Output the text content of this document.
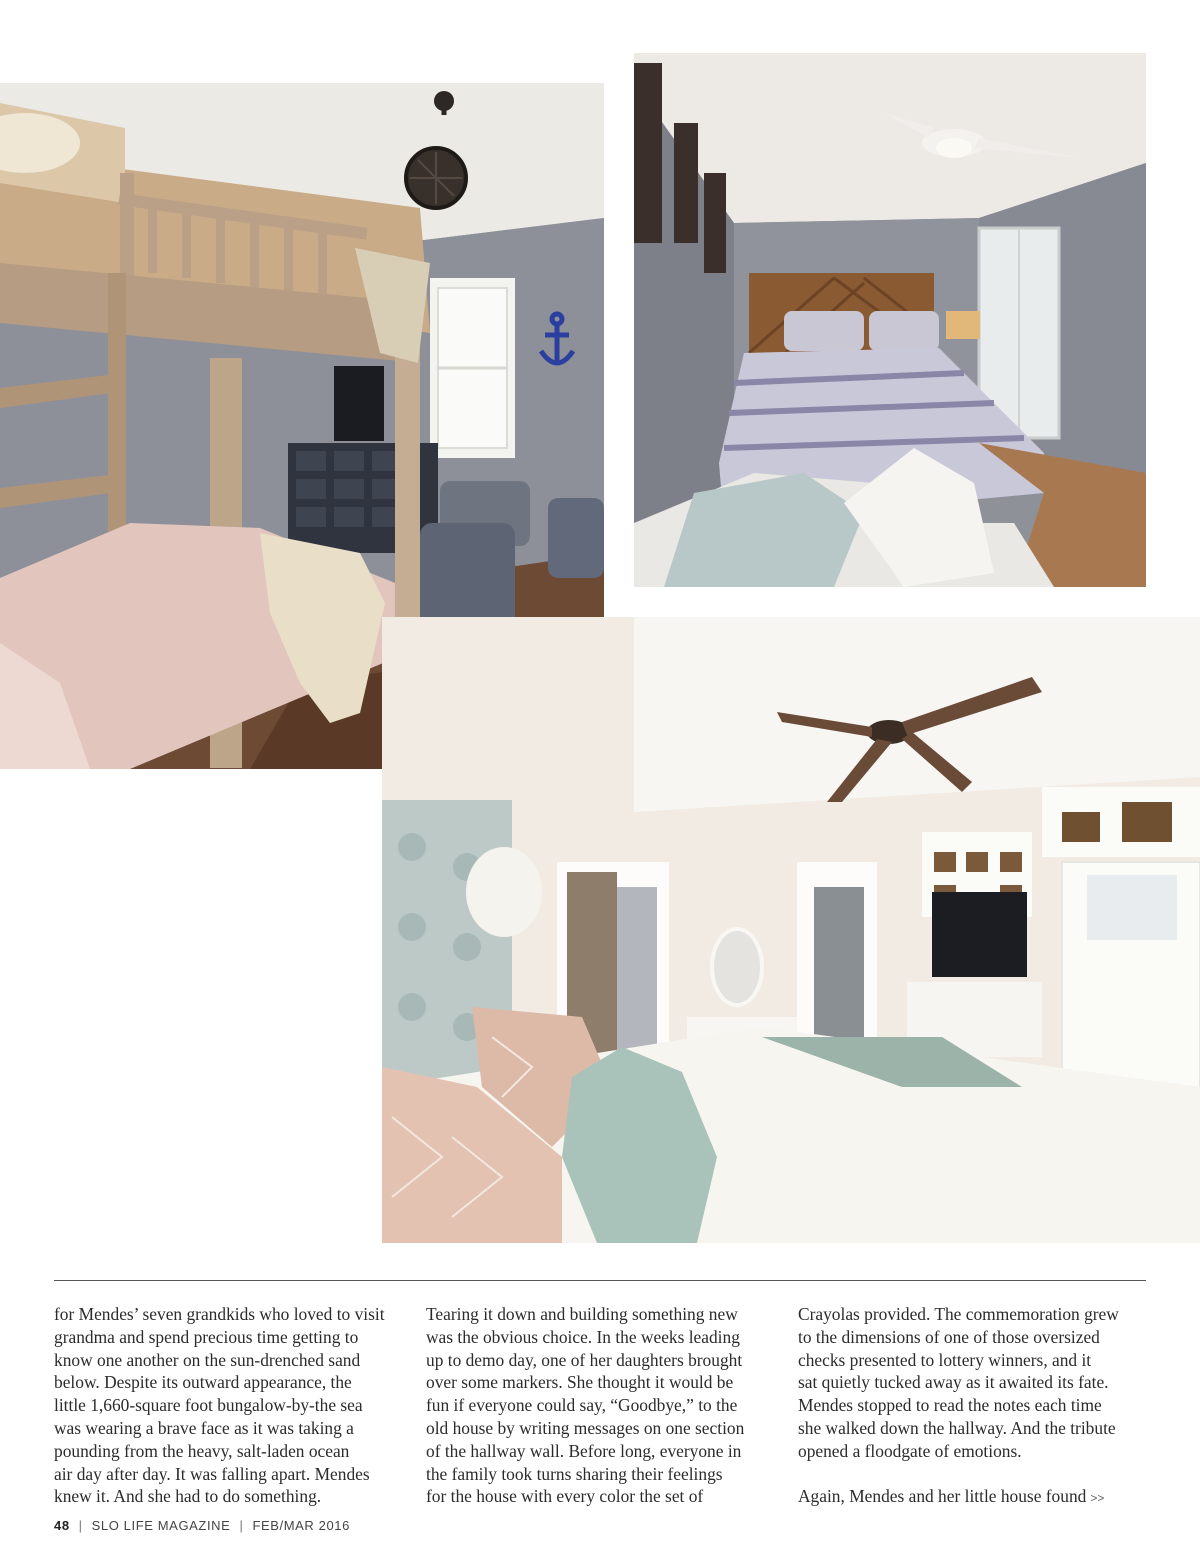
for Mendes’ seven grandkids who loved to visit
grandma and spend precious time getting to
know one another on the sun-drenched sand
below. Despite its outward appearance, the
little 1,660-square foot bungalow-by-the sea
was wearing a brave face as it was taking a
pounding from the heavy, salt-laden ocean
air day after day. It was falling apart. Mendes
knew it. And she had to do something.
Tearing it down and building something new
was the obvious choice. In the weeks leading
up to demo day, one of her daughters brought
over some markers. She thought it would be
fun if everyone could say, “Goodbye,” to the
old house by writing messages on one section
of the hallway wall. Before long, everyone in
the family took turns sharing their feelings
for the house with every color the set of
Crayolas provided. The commemoration grew
to the dimensions of one of those oversized
checks presented to lottery winners, and it
sat quietly tucked away as it awaited its fate.
Mendes stopped to read the notes each time
she walked down the hallway. And the tribute
opened a floodgate of emotions.

Again, Mendes and her little house found >>
48 | SLO LIFE MAGAZINE | FEB/MAR 2016
